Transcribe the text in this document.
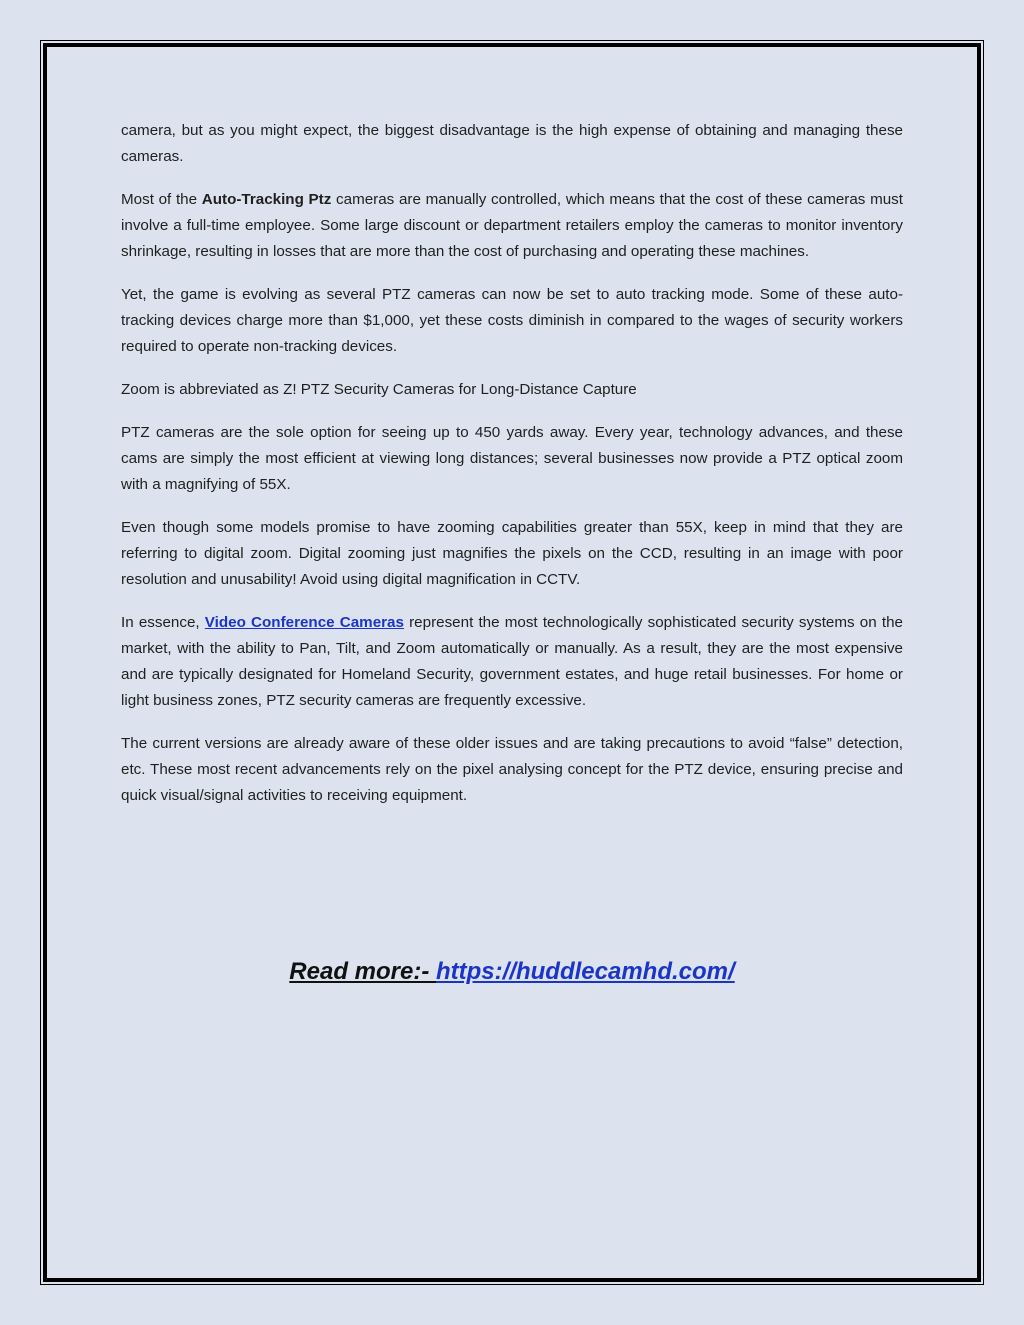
camera, but as you might expect, the biggest disadvantage is the high expense of obtaining and managing these cameras.

Most of the Auto-Tracking Ptz cameras are manually controlled, which means that the cost of these cameras must involve a full-time employee. Some large discount or department retailers employ the cameras to monitor inventory shrinkage, resulting in losses that are more than the cost of purchasing and operating these machines.

Yet, the game is evolving as several PTZ cameras can now be set to auto tracking mode. Some of these auto-tracking devices charge more than $1,000, yet these costs diminish in compared to the wages of security workers required to operate non-tracking devices.

Zoom is abbreviated as Z! PTZ Security Cameras for Long-Distance Capture

PTZ cameras are the sole option for seeing up to 450 yards away. Every year, technology advances, and these cams are simply the most efficient at viewing long distances; several businesses now provide a PTZ optical zoom with a magnifying of 55X.

Even though some models promise to have zooming capabilities greater than 55X, keep in mind that they are referring to digital zoom. Digital zooming just magnifies the pixels on the CCD, resulting in an image with poor resolution and unusability! Avoid using digital magnification in CCTV.

In essence, Video Conference Cameras represent the most technologically sophisticated security systems on the market, with the ability to Pan, Tilt, and Zoom automatically or manually. As a result, they are the most expensive and are typically designated for Homeland Security, government estates, and huge retail businesses. For home or light business zones, PTZ security cameras are frequently excessive.

The current versions are already aware of these older issues and are taking precautions to avoid “false” detection, etc. These most recent advancements rely on the pixel analysing concept for the PTZ device, ensuring precise and quick visual/signal activities to receiving equipment.

Read more:- https://huddlecamhd.com/
